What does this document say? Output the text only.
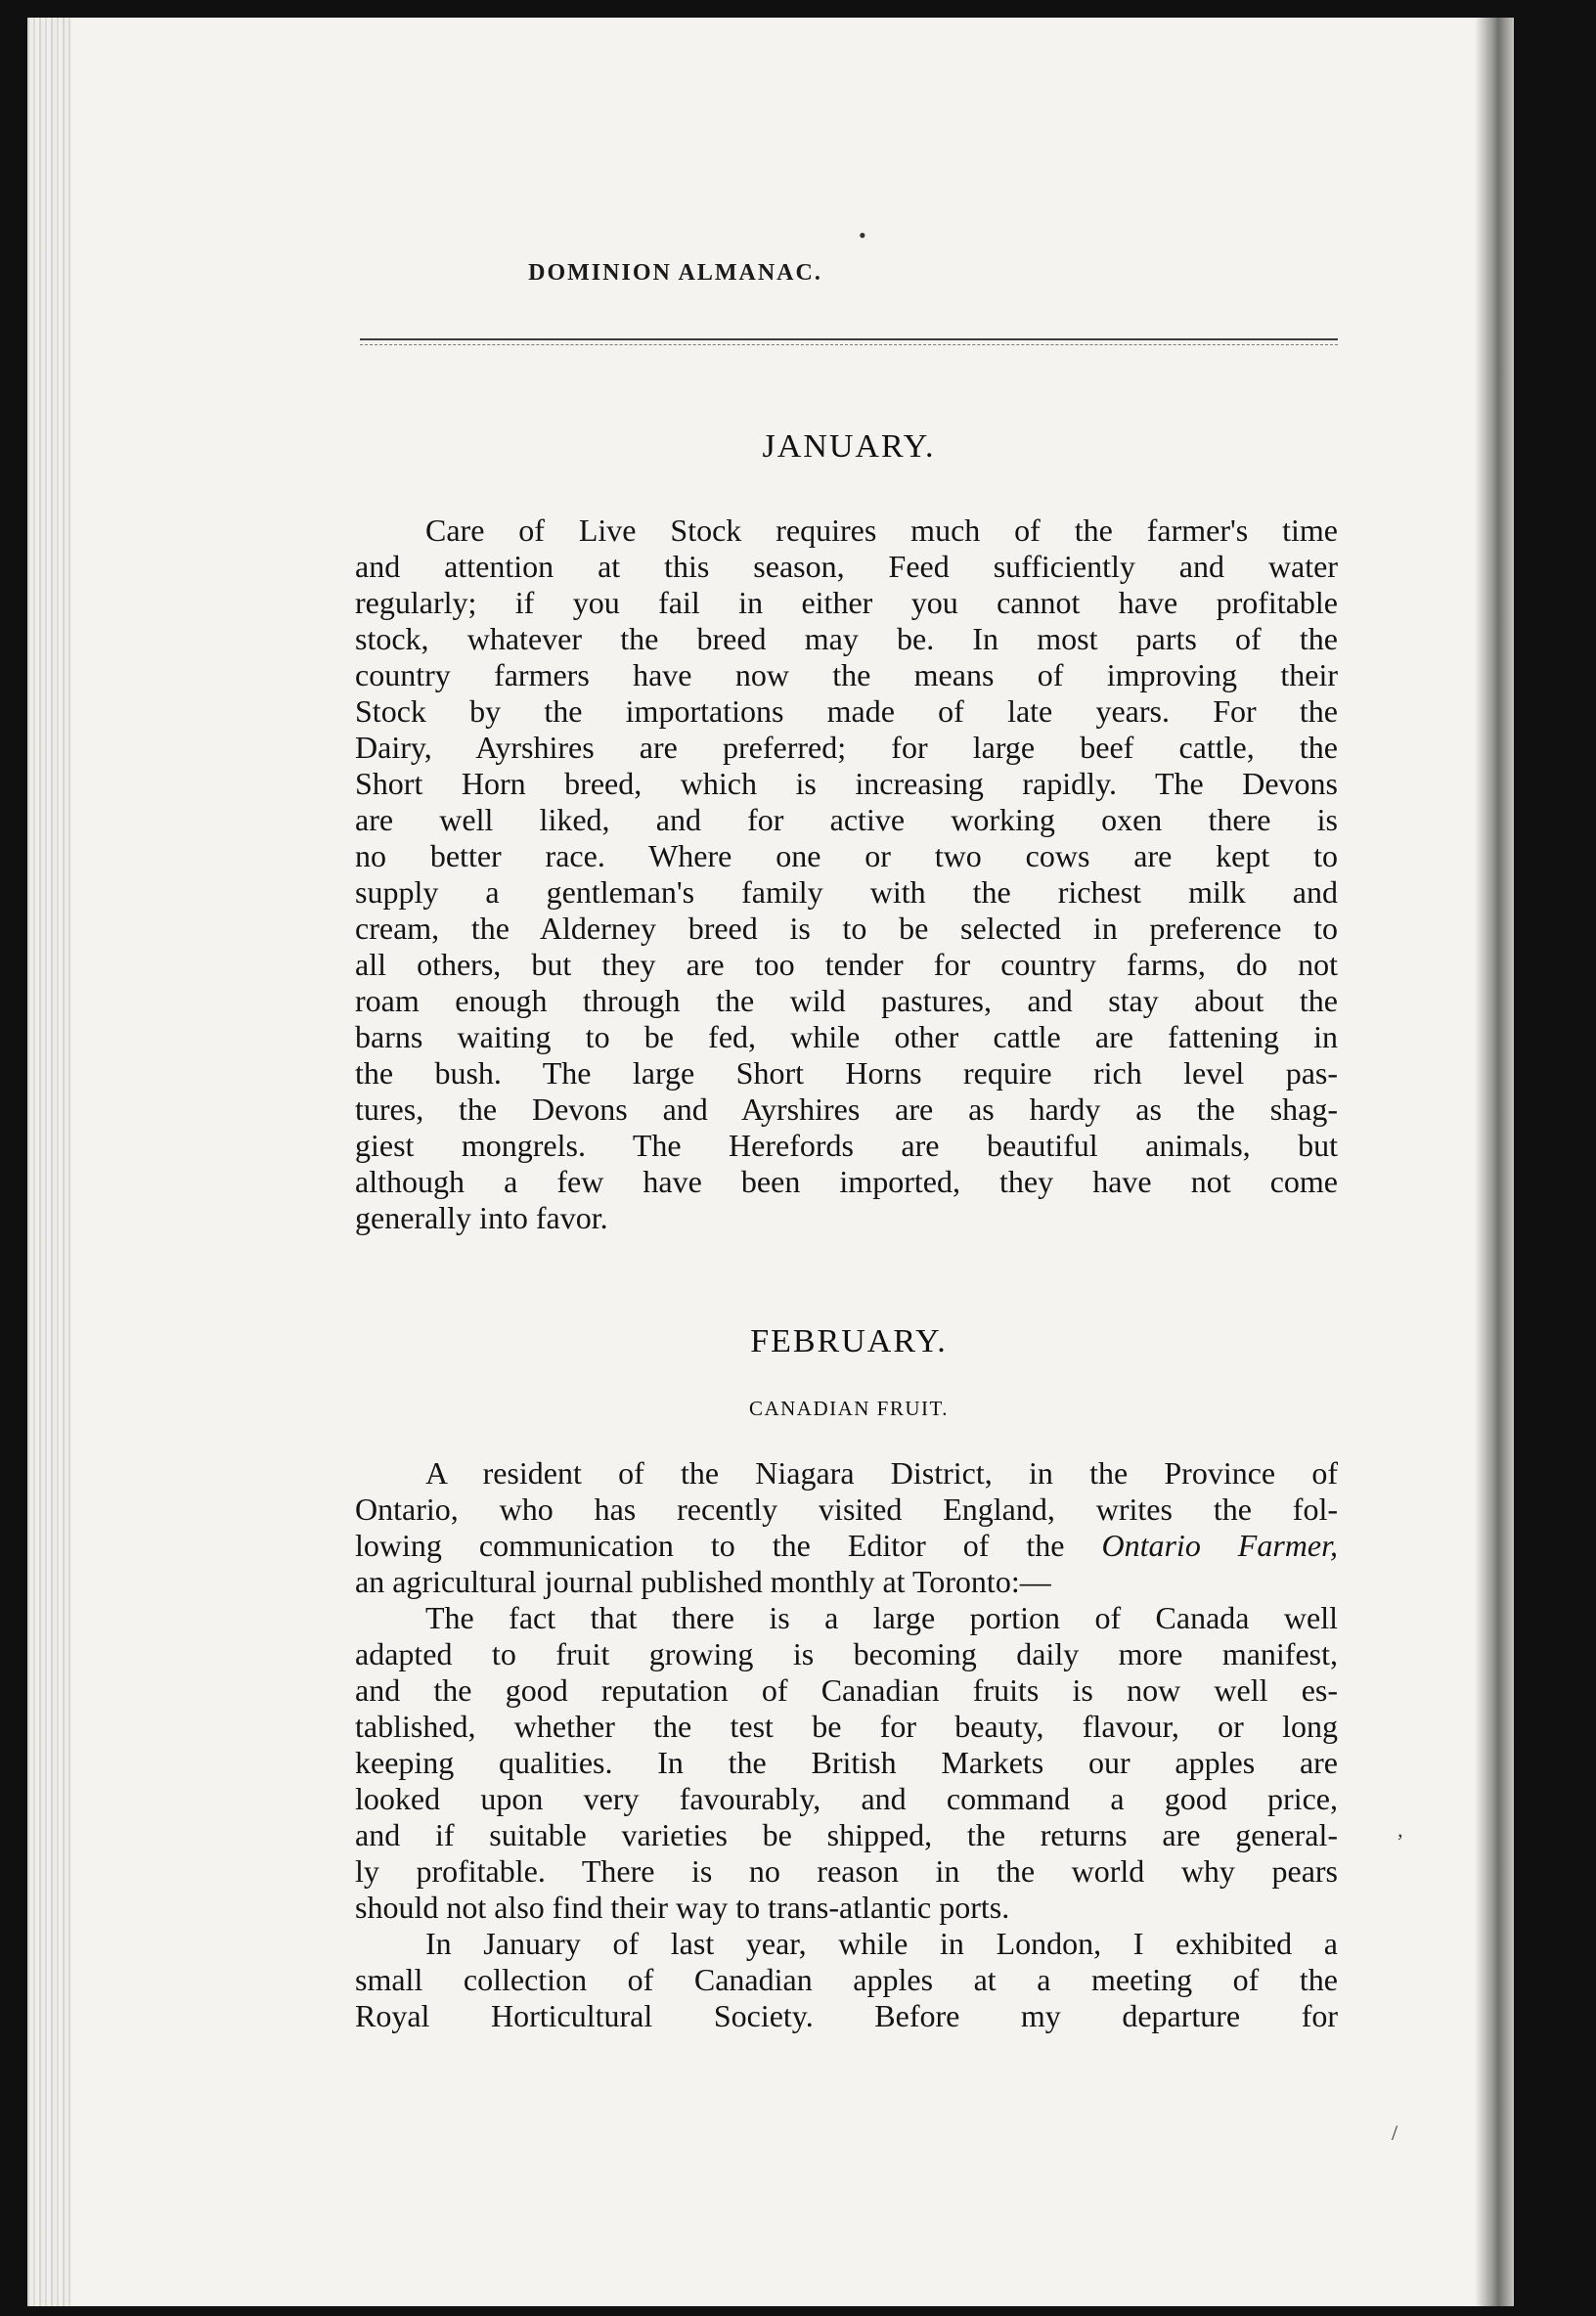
DOMINION ALMANAC.
JANUARY.
Care of Live Stock requires much of the farmer's time
and attention at this season, Feed sufficiently and water
regularly; if you fail in either you cannot have profitable
stock, whatever the breed may be. In most parts of the
country farmers have now the means of improving their
Stock by the importations made of late years. For the
Dairy, Ayrshires are preferred; for large beef cattle, the
Short Horn breed, which is increasing rapidly. The Devons
are well liked, and for active working oxen there is
no better race. Where one or two cows are kept to
supply a gentleman's family with the richest milk and
cream, the Alderney breed is to be selected in preference to
all others, but they are too tender for country farms, do not
roam enough through the wild pastures, and stay about the
barns waiting to be fed, while other cattle are fattening in
the bush. The large Short Horns require rich level pas-
tures, the Devons and Ayrshires are as hardy as the shag-
giest mongrels. The Herefords are beautiful animals, but
although a few have been imported, they have not come
generally into favor.
FEBRUARY.
CANADIAN FRUIT.
A resident of the Niagara District, in the Province of
Ontario, who has recently visited England, writes the fol-
lowing communication to the Editor of the Ontario Farmer,
an agricultural journal published monthly at Toronto:—
The fact that there is a large portion of Canada well
adapted to fruit growing is becoming daily more manifest,
and the good reputation of Canadian fruits is now well es-
tablished, whether the test be for beauty, flavour, or long
keeping qualities. In the British Markets our apples are
looked upon very favourably, and command a good price,
and if suitable varieties be shipped, the returns are general-
ly profitable. There is no reason in the world why pears
should not also find their way to trans-atlantic ports.
In January of last year, while in London, I exhibited a
small collection of Canadian apples at a meeting of the
Royal Horticultural Society. Before my departure for
•
‚
/
